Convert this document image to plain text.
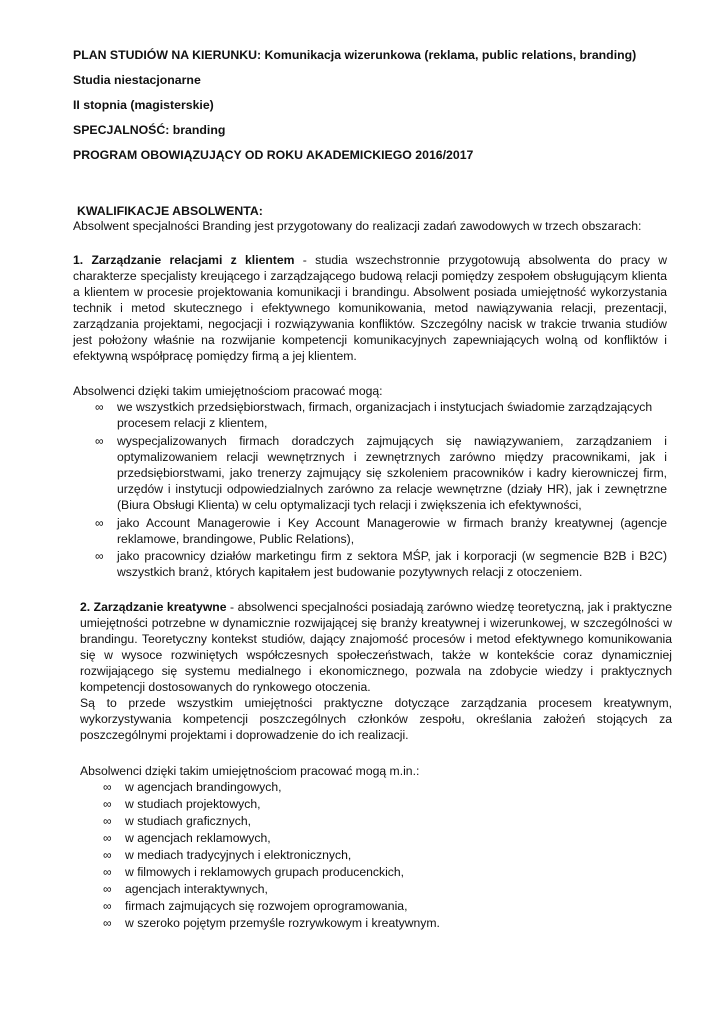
PLAN STUDIÓW NA KIERUNKU: Komunikacja wizerunkowa (reklama, public relations, branding)
Studia niestacjonarne
II stopnia (magisterskie)
SPECJALNOŚĆ: branding
PROGRAM OBOWIĄZUJĄCY OD ROKU AKADEMICKIEGO 2016/2017
KWALIFIKACJE ABSOLWENTA:
Absolwent specjalności Branding jest przygotowany do realizacji zadań zawodowych w trzech obszarach:
1. Zarządzanie relacjami z klientem - studia wszechstronnie przygotowują absolwenta do pracy w
charakterze specjalisty kreującego i zarządzającego budową relacji pomiędzy zespołem obsługującym klienta
a klientem w procesie projektowania komunikacji i brandingu. Absolwent posiada umiejętność wykorzystania
technik i metod skutecznego i efektywnego komunikowania, metod nawiązywania relacji, prezentacji,
zarządzania projektami, negocjacji i rozwiązywania konfliktów. Szczególny nacisk w trakcie trwania studiów
jest położony właśnie na rozwijanie kompetencji komunikacyjnych zapewniających wolną od konfliktów i
efektywną współpracę pomiędzy firmą a jej klientem.
Absolwenci dzięki takim umiejętnościom pracować mogą:
∞ we wszystkich przedsiębiorstwach, firmach, organizacjach i instytucjach świadomie zarządzających
procesem relacji z klientem,
∞ wyspecjalizowanych firmach doradczych zajmujących się nawiązywaniem, zarządzaniem i
optymalizowaniem relacji wewnętrznych i zewnętrznych zarówno między pracownikami, jak i
przedsiębiorstwami, jako trenerzy zajmujący się szkoleniem pracowników i kadry kierowniczej firm,
urzędów i instytucji odpowiedzialnych zarówno za relacje wewnętrzne (działy HR), jak i zewnętrzne
(Biura Obsługi Klienta) w celu optymalizacji tych relacji i zwiększenia ich efektywności,
∞ jako Account Managerowie i Key Account Managerowie w firmach branży kreatywnej (agencje
reklamowe, brandingowe, Public Relations),
∞ jako pracownicy działów marketingu firm z sektora MŚP, jak i korporacji (w segmencie B2B i B2C)
wszystkich branż, których kapitałem jest budowanie pozytywnych relacji z otoczeniem.
2. Zarządzanie kreatywne - absolwenci specjalności posiadają zarówno wiedzę teoretyczną, jak i praktyczne
umiejętności potrzebne w dynamicznie rozwijającej się branży kreatywnej i wizerunkowej, w szczególności w
brandingu. Teoretyczny kontekst studiów, dający znajomość procesów i metod efektywnego komunikowania
się w wysoce rozwiniętych współczesnych społeczeństwach, także w kontekście coraz dynamiczniej
rozwijającego się systemu medialnego i ekonomicznego, pozwala na zdobycie wiedzy i praktycznych
kompetencji dostosowanych do rynkowego otoczenia.
Są to przede wszystkim umiejętności praktyczne dotyczące zarządzania procesem kreatywnym,
wykorzystywania kompetencji poszczególnych członków zespołu, określania założeń stojących za
poszczególnymi projektami i doprowadzenie do ich realizacji.
Absolwenci dzięki takim umiejętnościom pracować mogą m.in.:
∞ w agencjach brandingowych,
∞ w studiach projektowych,
∞ w studiach graficznych,
∞ w agencjach reklamowych,
∞ w mediach tradycyjnych i elektronicznych,
∞ w filmowych i reklamowych grupach producenckich,
∞ agencjach interaktywnych,
∞ firmach zajmujących się rozwojem oprogramowania,
∞ w szeroko pojętym przemyśle rozrywkowym i kreatywnym.
